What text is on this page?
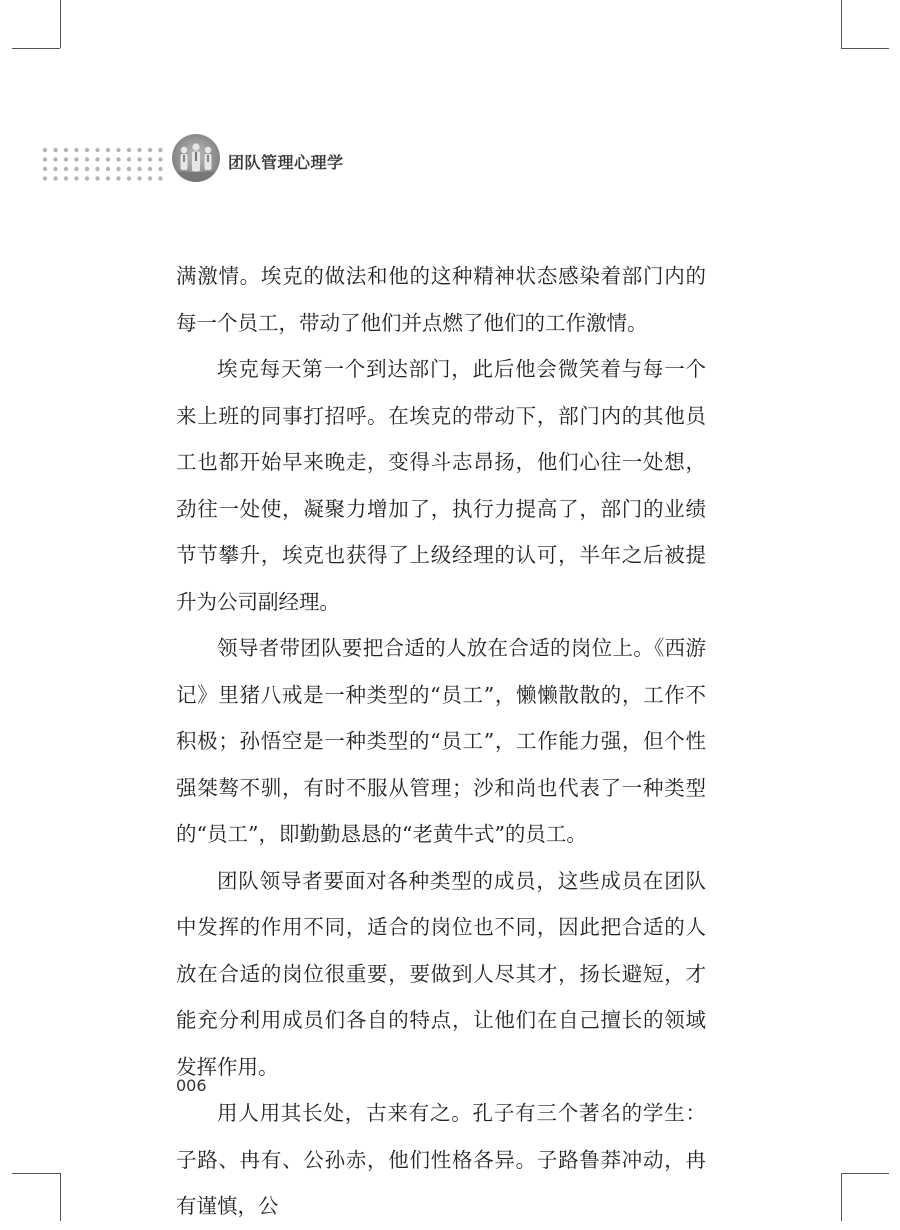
团队管理心理学

满激情。埃克的做法和他的这种精神状态感染着部门内的每一个员工，带动了他们并点燃了他们的工作激情。

埃克每天第一个到达部门，此后他会微笑着与每一个来上班的同事打招呼。在埃克的带动下，部门内的其他员工也都开始早来晚走，变得斗志昂扬，他们心往一处想，劲往一处使，凝聚力增加了，执行力提高了，部门的业绩节节攀升，埃克也获得了上级经理的认可，半年之后被提升为公司副经理。

领导者带团队要把合适的人放在合适的岗位上。《西游记》里猪八戒是一种类型的“员工”，懒懒散散的，工作不积极；孙悟空是一种类型的“员工”，工作能力强，但个性强桀骜不驯，有时不服从管理；沙和尚也代表了一种类型的“员工”，即勤勤恳恳的“老黄牛式”的员工。

团队领导者要面对各种类型的成员，这些成员在团队中发挥的作用不同，适合的岗位也不同，因此把合适的人放在合适的岗位很重要，要做到人尽其才，扬长避短，才能充分利用成员们各自的特点，让他们在自己擅长的领域发挥作用。

用人用其长处，古来有之。孔子有三个著名的学生：子路、冉有、公孙赤，他们性格各异。子路鲁莽冲动，冉有谨慎，公

006
